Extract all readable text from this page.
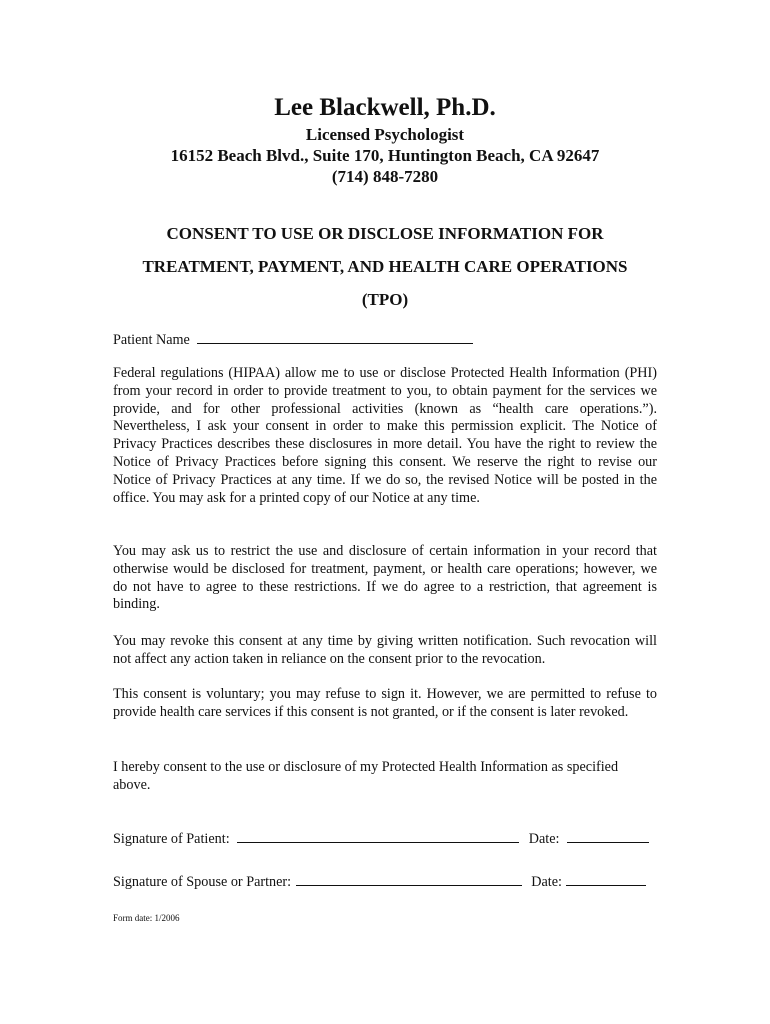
Lee Blackwell, Ph.D.
Licensed Psychologist
16152 Beach Blvd., Suite 170, Huntington Beach, CA 92647
(714) 848-7280
CONSENT TO USE OR DISCLOSE INFORMATION FOR
TREATMENT, PAYMENT, AND HEALTH CARE OPERATIONS
(TPO)
Patient Name
Federal regulations (HIPAA) allow me to use or disclose Protected Health Information (PHI) from your record in order to provide treatment to you, to obtain payment for the services we provide, and for other professional activities (known as “health care operations.”). Nevertheless, I ask your consent in order to make this permission explicit. The Notice of Privacy Practices describes these disclosures in more detail. You have the right to review the Notice of Privacy Practices before signing this consent. We reserve the right to revise our Notice of Privacy Practices at any time. If we do so, the revised Notice will be posted in the office. You may ask for a printed copy of our Notice at any time.
You may ask us to restrict the use and disclosure of certain information in your record that otherwise would be disclosed for treatment, payment, or health care operations; however, we do not have to agree to these restrictions. If we do agree to a restriction, that agreement is binding.
You may revoke this consent at any time by giving written notification. Such revocation will not affect any action taken in reliance on the consent prior to the revocation.
This consent is voluntary; you may refuse to sign it. However, we are permitted to refuse to provide health care services if this consent is not granted, or if the consent is later revoked.
I hereby consent to the use or disclosure of my Protected Health Information as specified above.
Signature of Patient:	Date:
Signature of Spouse or Partner:	Date:
Form date: 1/2006
